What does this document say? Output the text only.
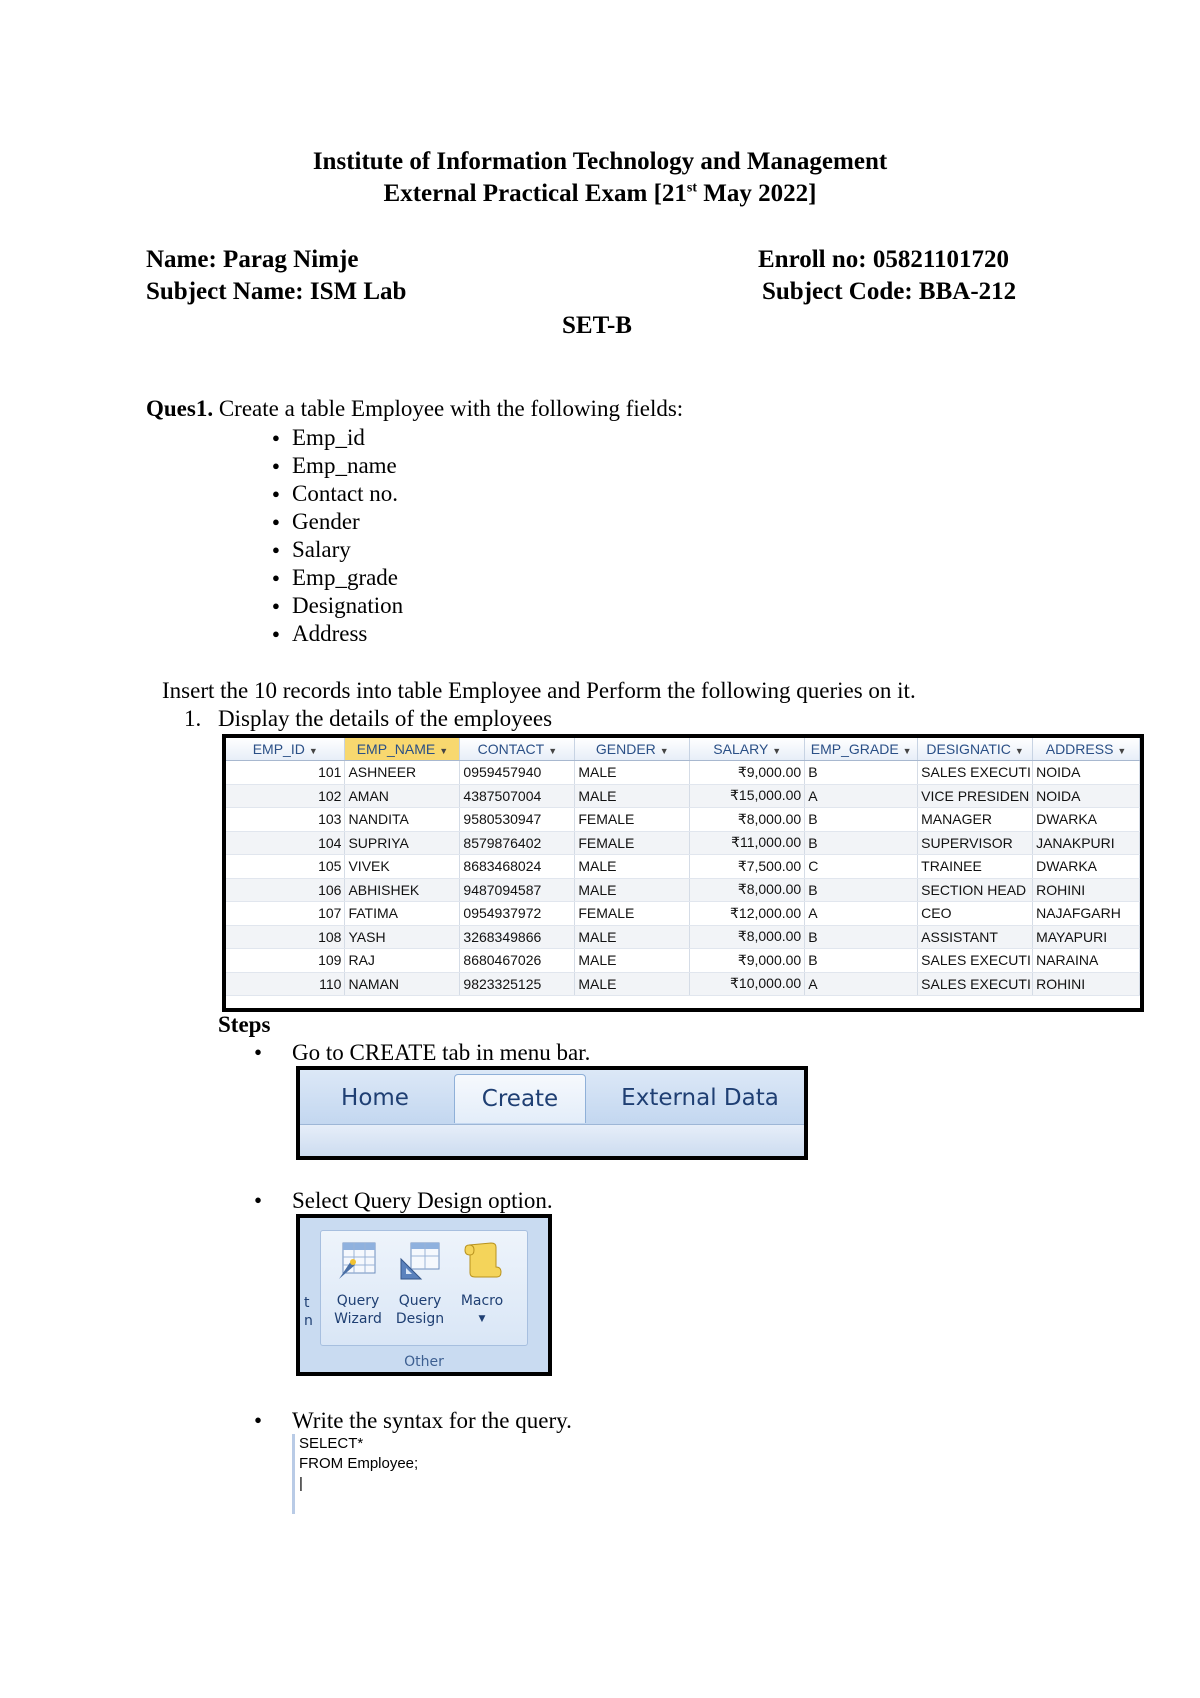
Institute of Information Technology and Management
External Practical Exam [21st May 2022]
Name: Parag Nimje	Enroll no: 05821101720
Subject Name: ISM Lab	Subject Code: BBA-212
SET-B
Ques1. Create a table Employee with the following fields:
● Emp_id
● Emp_name
● Contact no.
● Gender
● Salary
● Emp_grade
● Designation
● Address
Insert the 10 records into table Employee and Perform the following queries on it.
1. Display the details of the employees
EMP_ID ▼	EMP_NAME ▼	CONTACT ▼	GENDER ▼	SALARY ▼	EMP_GRADE ▼	DESIGNATIC ▼	ADDRESS ▼
101	ASHNEER	0959457940	MALE	₹9,000.00	B	SALES EXECUTI	NOIDA
102	AMAN	4387507004	MALE	₹15,000.00	A	VICE PRESIDEN	NOIDA
103	NANDITA	9580530947	FEMALE	₹8,000.00	B	MANAGER	DWARKA
104	SUPRIYA	8579876402	FEMALE	₹11,000.00	B	SUPERVISOR	JANAKPURI
105	VIVEK	8683468024	MALE	₹7,500.00	C	TRAINEE	DWARKA
106	ABHISHEK	9487094587	MALE	₹8,000.00	B	SECTION HEAD	ROHINI
107	FATIMA	0954937972	FEMALE	₹12,000.00	A	CEO	NAJAFGARH
108	YASH	3268349866	MALE	₹8,000.00	B	ASSISTANT	MAYAPURI
109	RAJ	8680467026	MALE	₹9,000.00	B	SALES EXECUTI	NARAINA
110	NAMAN	9823325125	MALE	₹10,000.00	A	SALES EXECUTI	ROHINI
Steps
• Go to CREATE tab in menu bar.
Home	Create	External Data
• Select Query Design option.
t
n
Query
Wizard
Query
Design
Macro
▼
Other
• Write the syntax for the query.
SELECT*
FROM Employee;
|
